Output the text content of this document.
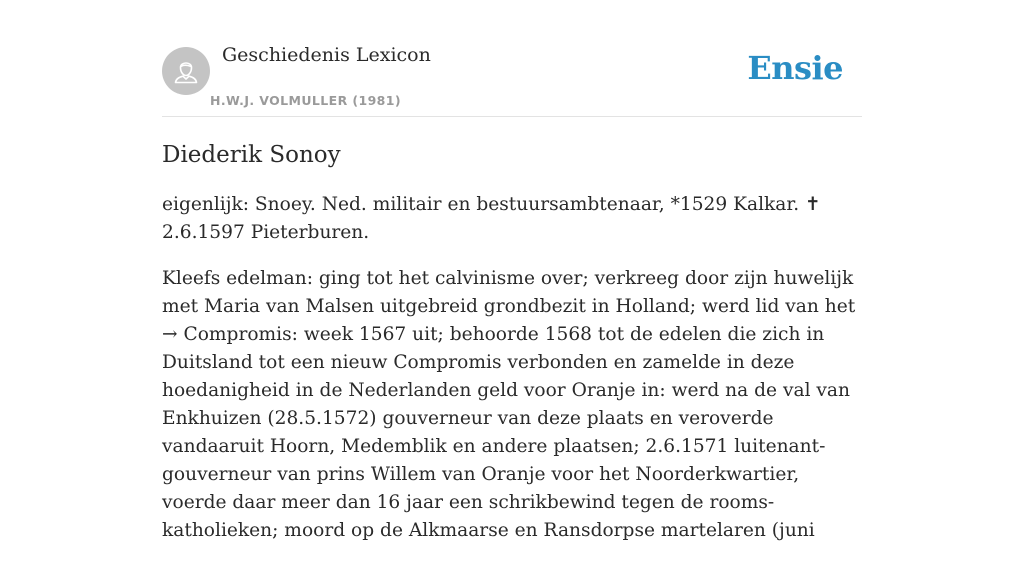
Geschiedenis Lexicon
H.W.J. VOLMULLER (1981)
Ensie
Diederik Sonoy

eigenlijk: Snoey. Ned. militair en bestuursambtenaar, *1529 Kalkar. ✝ 2.6.1597 Pieterburen.

Kleefs edelman: ging tot het calvinisme over; verkreeg door zijn huwelijk met Maria van Malsen uitgebreid grondbezit in Holland; werd lid van het → Compromis: week 1567 uit; behoorde 1568 tot de edelen die zich in Duitsland tot een nieuw Compromis verbonden en zamelde in deze hoedanigheid in de Nederlanden geld voor Oranje in: werd na de val van Enkhuizen (28.5.1572) gouverneur van deze plaats en veroverde vandaaruit Hoorn, Medemblik en andere plaatsen; 2.6.1571 luitenant-gouverneur van prins Willem van Oranje voor het Noorderkwartier, voerde daar meer dan 16 jaar een schrikbewind tegen de rooms-katholieken; moord op de Alkmaarse en Ransdorpse martelaren (juni
